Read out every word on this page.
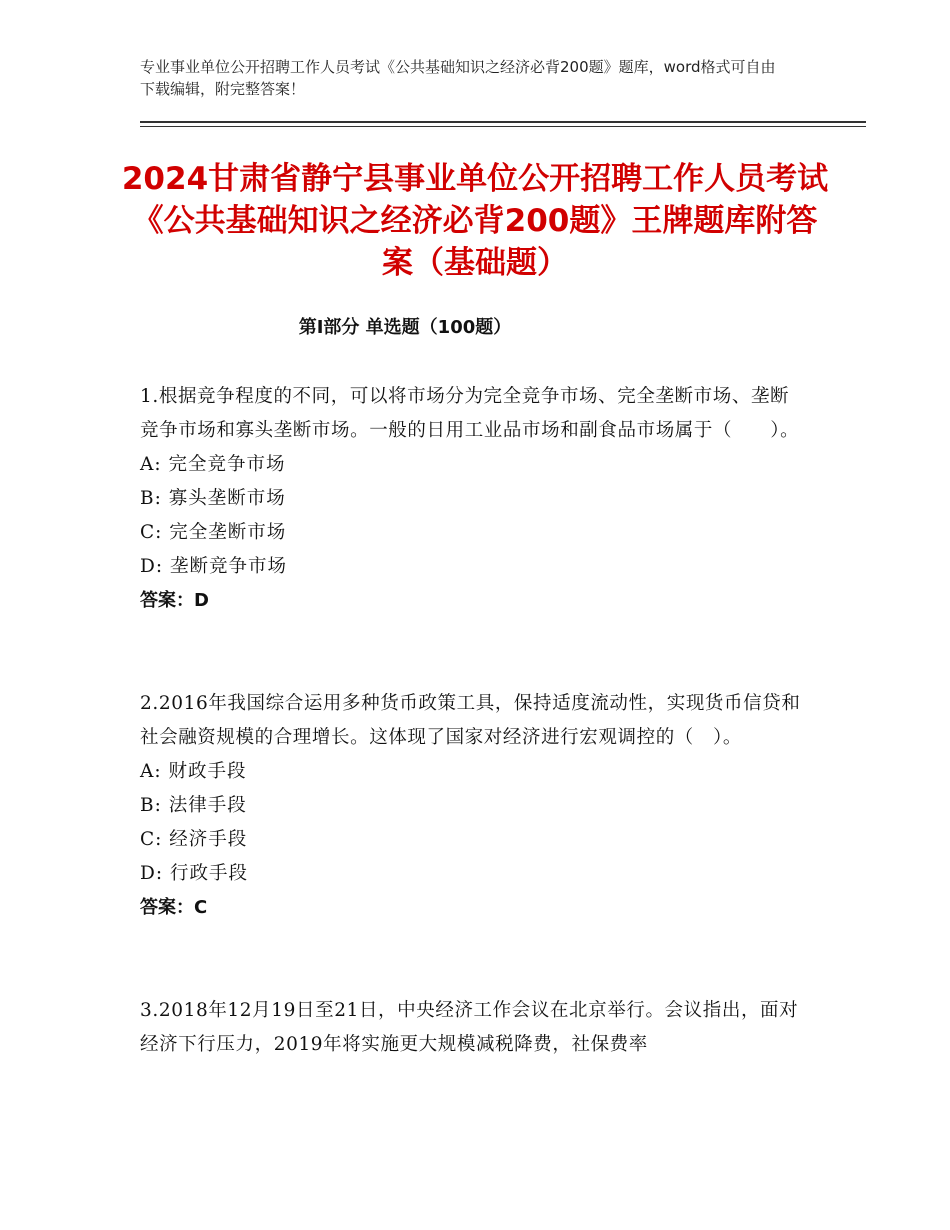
专业事业单位公开招聘工作人员考试《公共基础知识之经济必背200题》题库，word格式可自由下载编辑，附完整答案！
2024甘肃省静宁县事业单位公开招聘工作人员考试《公共基础知识之经济必背200题》王牌题库附答案（基础题）
第Ⅰ部分 单选题（100题）
1.根据竞争程度的不同，可以将市场分为完全竞争市场、完全垄断市场、垄断竞争市场和寡头垄断市场。一般的日用工业品市场和副食品市场属于（　　）。
A: 完全竞争市场
B: 寡头垄断市场
C: 完全垄断市场
D: 垄断竞争市场
答案：D
2.2016年我国综合运用多种货币政策工具，保持适度流动性，实现货币信贷和社会融资规模的合理增长。这体现了国家对经济进行宏观调控的（　）。
A: 财政手段
B: 法律手段
C: 经济手段
D: 行政手段
答案：C
3.2018年12月19日至21日，中央经济工作会议在北京举行。会议指出，面对经济下行压力，2019年将实施更大规模减税降费，社保费率
